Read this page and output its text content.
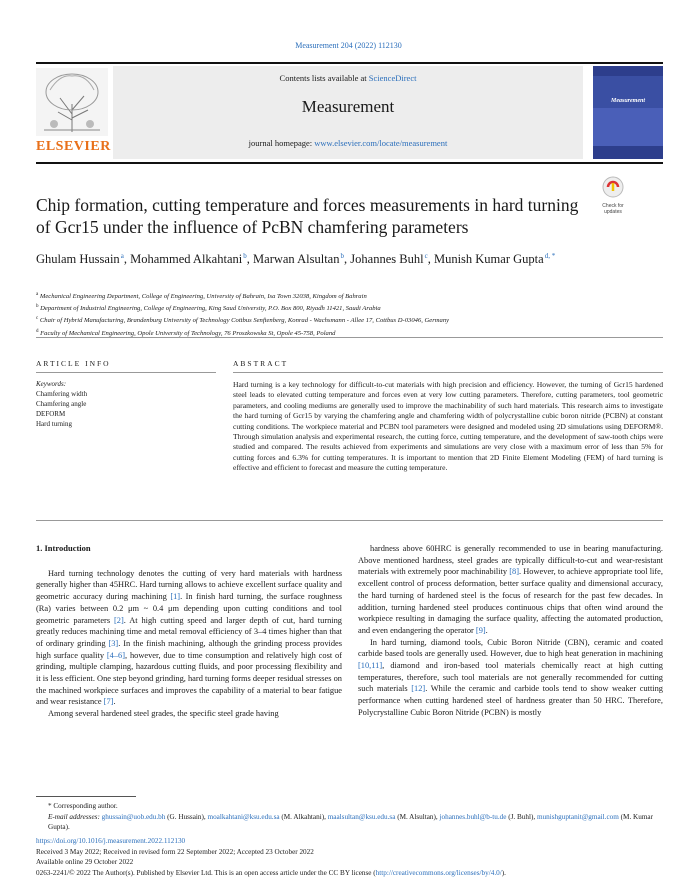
Measurement 204 (2022) 112130
ELSEVIER
Contents lists available at ScienceDirect
Measurement
journal homepage: www.elsevier.com/locate/measurement
Measurement
Check for
updates
Chip formation, cutting temperature and forces measurements in hard turning of Gcr15 under the influence of PcBN chamfering parameters
Ghulam Hussain $^a$, Mohammed Alkahtani $^b$, Marwan Alsultan $^b$, Johannes Buhl $^c$, Munish Kumar Gupta $^{d, *}$
$^a$ Mechanical Engineering Department, College of Engineering, University of Bahrain, Isa Town 32038, Kingdom of Bahrain
$^b$ Department of Industrial Engineering, College of Engineering, King Saud University, P.O. Box 800, Riyadh 11421, Saudi Arabia
$^c$ Chair of Hybrid Manufacturing, Brandenburg University of Technology Cottbus Senftenberg, Konrad - Wachsmann - Allee 17, Cottbus D-03046, Germany
$^d$ Faculty of Mechanical Engineering, Opole University of Technology, 76 Proszkowska St, Opole 45-758, Poland
ARTICLE INFO
Keywords:
Chamfering width
Chamfering angle
DEFORM
Hard turning
ABSTRACT
Hard turning is a key technology for difficult-to-cut materials with high precision and efficiency. However, the turning of Gcr15 hardened steel leads to elevated cutting temperature and forces even at very low cutting parameters. Therefore, cutting parameters, tool geometric parameters, and cooling mediums are generally used to improve the machinability of such hard materials. This research aims to investigate the hard turning of Gcr15 by varying the chamfering angle and chamfering width of polycrystalline cubic boron nitride (PCBN) at constant cutting conditions. The workpiece material and PCBN tool parameters were designed and modeled using 2D simulations using DEFORM®. Through simulation analysis and experimental research, the cutting force, cutting temperature, and the development of saw-tooth chips were studied and compared. The results achieved from experiments and simulations are very close with a maximum error of less than 5% for cutting forces and 6.3% for cutting temperatures. It is important to mention that 2D Finite Element Modeling (FEM) of hard turning is effective and efficient to forecast and measure the cutting temperature.
1. Introduction

Hard turning technology denotes the cutting of very hard materials with hardness generally higher than 45HRC. Hard turning allows to achieve excellent surface quality and geometric accuracy during machining [1]. In finish hard turning, the surface roughness (Ra) varies between 0.2 μm ~ 0.4 μm depending upon cutting conditions and tool geometric parameters [2]. At high cutting speed and larger depth of cut, hard turning greatly reduces machining time and metal removal efficiency of 3–4 times higher than that of ordinary grinding [3]. In the finish machining, although the grinding process provides high surface quality [4–6], however, due to time consumption and relatively high cost of grinding, multiple clamping, hazardous cutting fluids, and poor processing flexibility and it is less efficient. One step beyond grinding, hard turning forms deeper residual stresses on the machined workpiece surfaces and improves the capability of a material to bear fatigue and wear resistance [7].

Among several hardened steel grades, the specific steel grade having

hardness above 60HRC is generally recommended to use in bearing manufacturing. Above mentioned hardness, steel grades are typically difficult-to-cut and wear-resistant materials with extremely poor machinability [8]. However, to achieve appropriate tool life, excellent control of process deformation, better surface quality and dimensional accuracy, the hard turning of hardened steel is the focus of research for the past few decades. In addition, turning hardened steel produces continuous chips that often wind around the workpiece resulting in damaging the surface quality, affecting the automated production, and even endangering the operator [9].

In hard turning, diamond tools, Cubic Boron Nitride (CBN), ceramic and coated carbide based tools are generally used. However, due to high heat generation in machining [10,11], diamond and iron-based tool materials chemically react at high cutting temperatures, therefore, such tool materials are not generally recommended for cutting such materials [12]. While the ceramic and carbide tools tend to show weaker cutting performance when cutting hardened steel of hardness greater than 50 HRC. Therefore, Polycrystalline Cubic Boron Nitride (PCBN) is mostly

* Corresponding author.
E-mail addresses: ghussain@uob.edu.bh (G. Hussain), moalkahtani@ksu.edu.sa (M. Alkahtani), maalsultan@ksu.edu.sa (M. Alsultan), johannes.buhl@b-tu.de (J. Buhl), munishguptanit@gmail.com (M. Kumar Gupta).
https://doi.org/10.1016/j.measurement.2022.112130
Received 3 May 2022; Received in revised form 22 September 2022; Accepted 23 October 2022
Available online 29 October 2022
0263-2241/© 2022 The Author(s). Published by Elsevier Ltd. This is an open access article under the CC BY license (http://creativecommons.org/licenses/by/4.0/).
